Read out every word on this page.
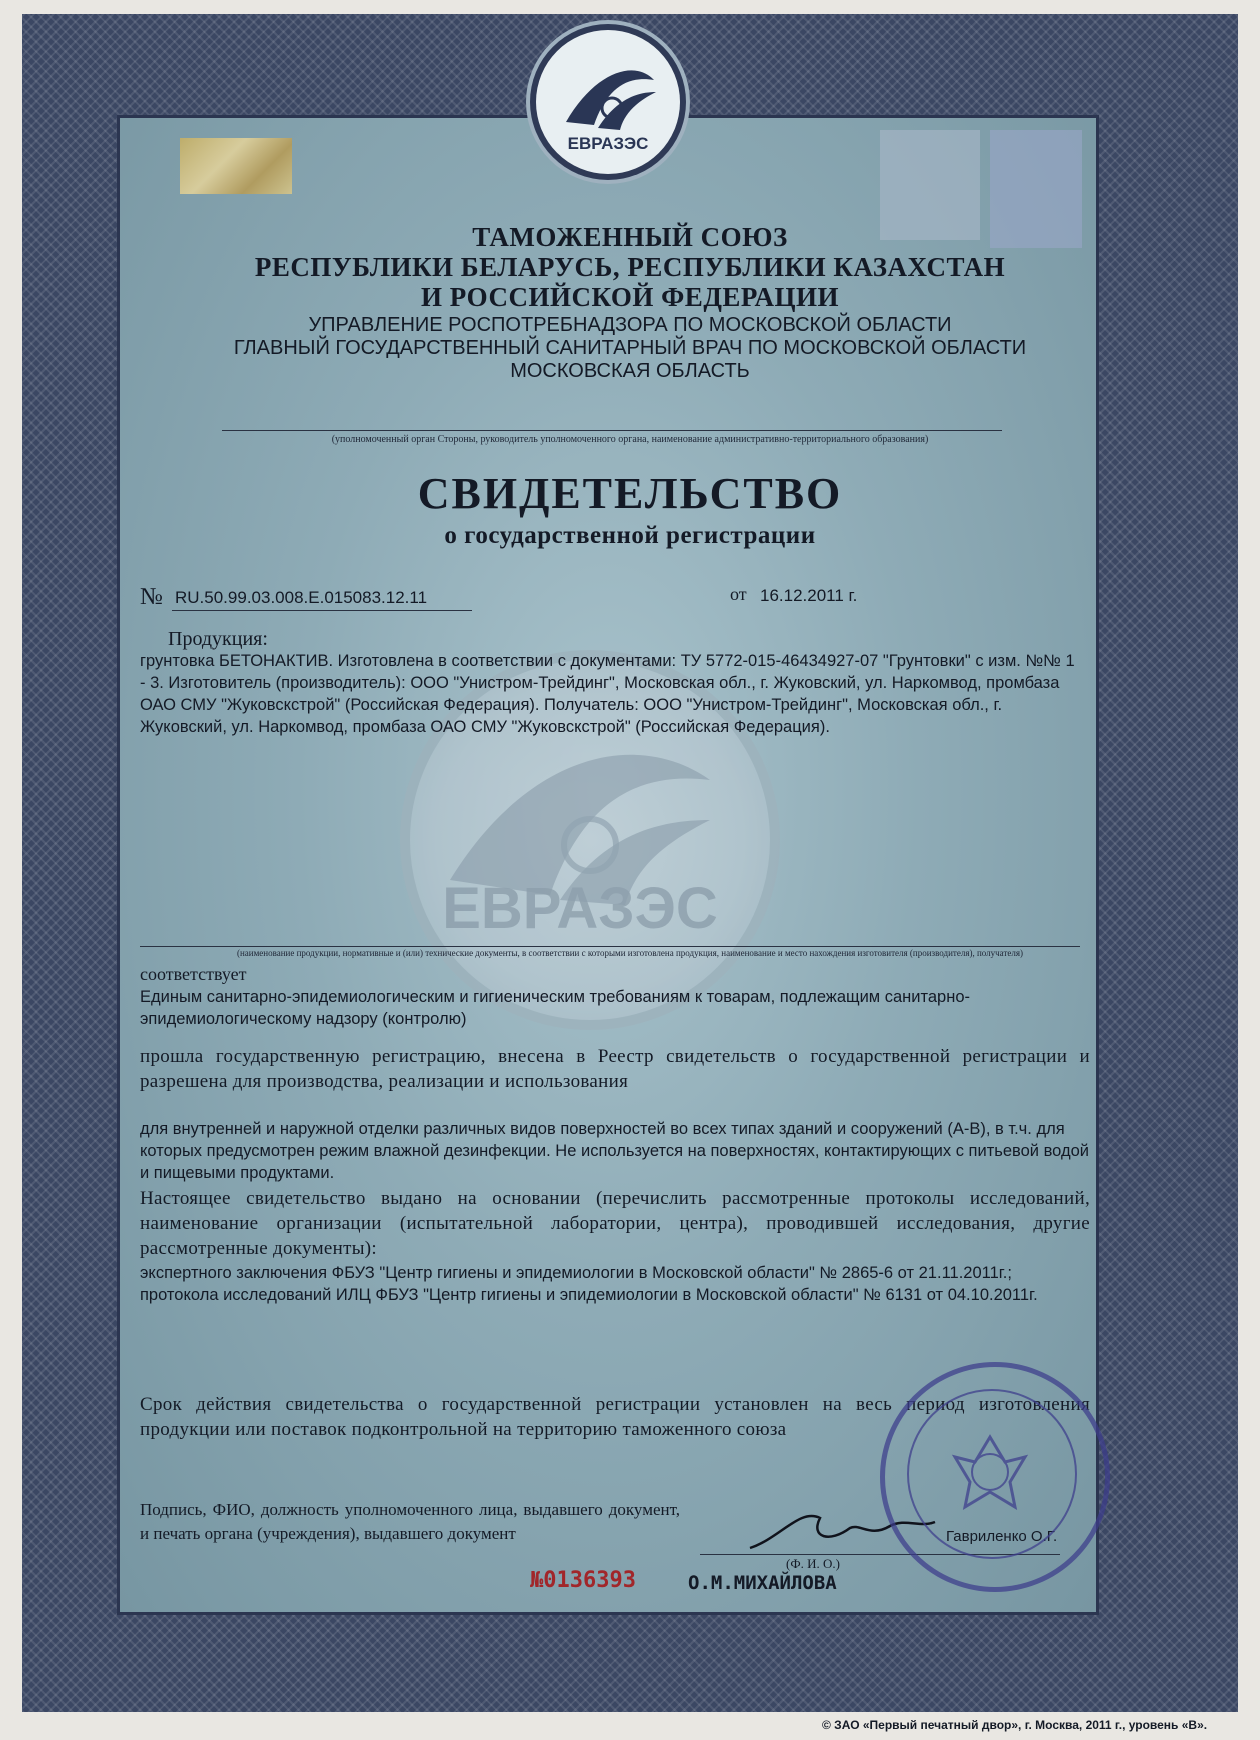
ЕВРАЗЭС
ЕВРАЗЭС
ТАМОЖЕННЫЙ СОЮЗ
РЕСПУБЛИКИ БЕЛАРУСЬ, РЕСПУБЛИКИ КАЗАХСТАН
И РОССИЙСКОЙ ФЕДЕРАЦИИ
УПРАВЛЕНИЕ РОСПОТРЕБНАДЗОРА ПО МОСКОВСКОЙ ОБЛАСТИ
ГЛАВНЫЙ ГОСУДАРСТВЕННЫЙ САНИТАРНЫЙ ВРАЧ ПО МОСКОВСКОЙ ОБЛАСТИ
МОСКОВСКАЯ ОБЛАСТЬ
(уполномоченный орган Стороны, руководитель уполномоченного органа, наименование административно-территориального образования)
СВИДЕТЕЛЬСТВО
о государственной регистрации
№ RU.50.99.03.008.E.015083.12.11	от 16.12.2011 г.
Продукция:
грунтовка БЕТОНАКТИВ. Изготовлена в соответствии с документами: ТУ 5772-015-46434927-07 "Грунтовки" с изм. №№ 1 - 3. Изготовитель (производитель): ООО "Унистром-Трейдинг", Московская обл., г. Жуковский, ул. Наркомвод, промбаза ОАО СМУ "Жуковскстрой" (Российская Федерация). Получатель: ООО "Унистром-Трейдинг", Московская обл., г. Жуковский, ул. Наркомвод, промбаза ОАО СМУ "Жуковскстрой" (Российская Федерация).
(наименование продукции, нормативные и (или) технические документы, в соответствии с которыми изготовлена продукция, наименование и место нахождения изготовителя (производителя), получателя)
соответствует
Единым санитарно-эпидемиологическим и гигиеническим требованиям к товарам, подлежащим санитарно-эпидемиологическому надзору (контролю)
прошла государственную регистрацию, внесена в Реестр свидетельств о государственной регистрации и разрешена для производства, реализации и использования
для внутренней и наружной отделки различных видов поверхностей во всех типах зданий и сооружений (А-В), в т.ч. для которых предусмотрен режим влажной дезинфекции. Не используется на поверхностях, контактирующих с питьевой водой и пищевыми продуктами.
Настоящее свидетельство выдано на основании (перечислить рассмотренные протоколы исследований, наименование организации (испытательной лаборатории, центра), проводившей исследования, другие рассмотренные документы):
экспертного заключения ФБУЗ "Центр гигиены и эпидемиологии в Московской области" № 2865-6 от 21.11.2011г.; протокола исследований ИЛЦ ФБУЗ "Центр гигиены и эпидемиологии в Московской области" № 6131 от 04.10.2011г.
Срок действия свидетельства о государственной регистрации установлен на весь период изготовления продукции или поставок подконтрольной на территорию таможенного союза
Подпись, ФИО, должность уполномоченного лица, выдавшего документ, и печать органа (учреждения), выдавшего документ	Гавриленко О.Г.
(Ф. И. О.)
№0136393	О.М.МИХАЙЛОВА
© ЗАО «Первый печатный двор», г. Москва, 2011 г., уровень «В».
